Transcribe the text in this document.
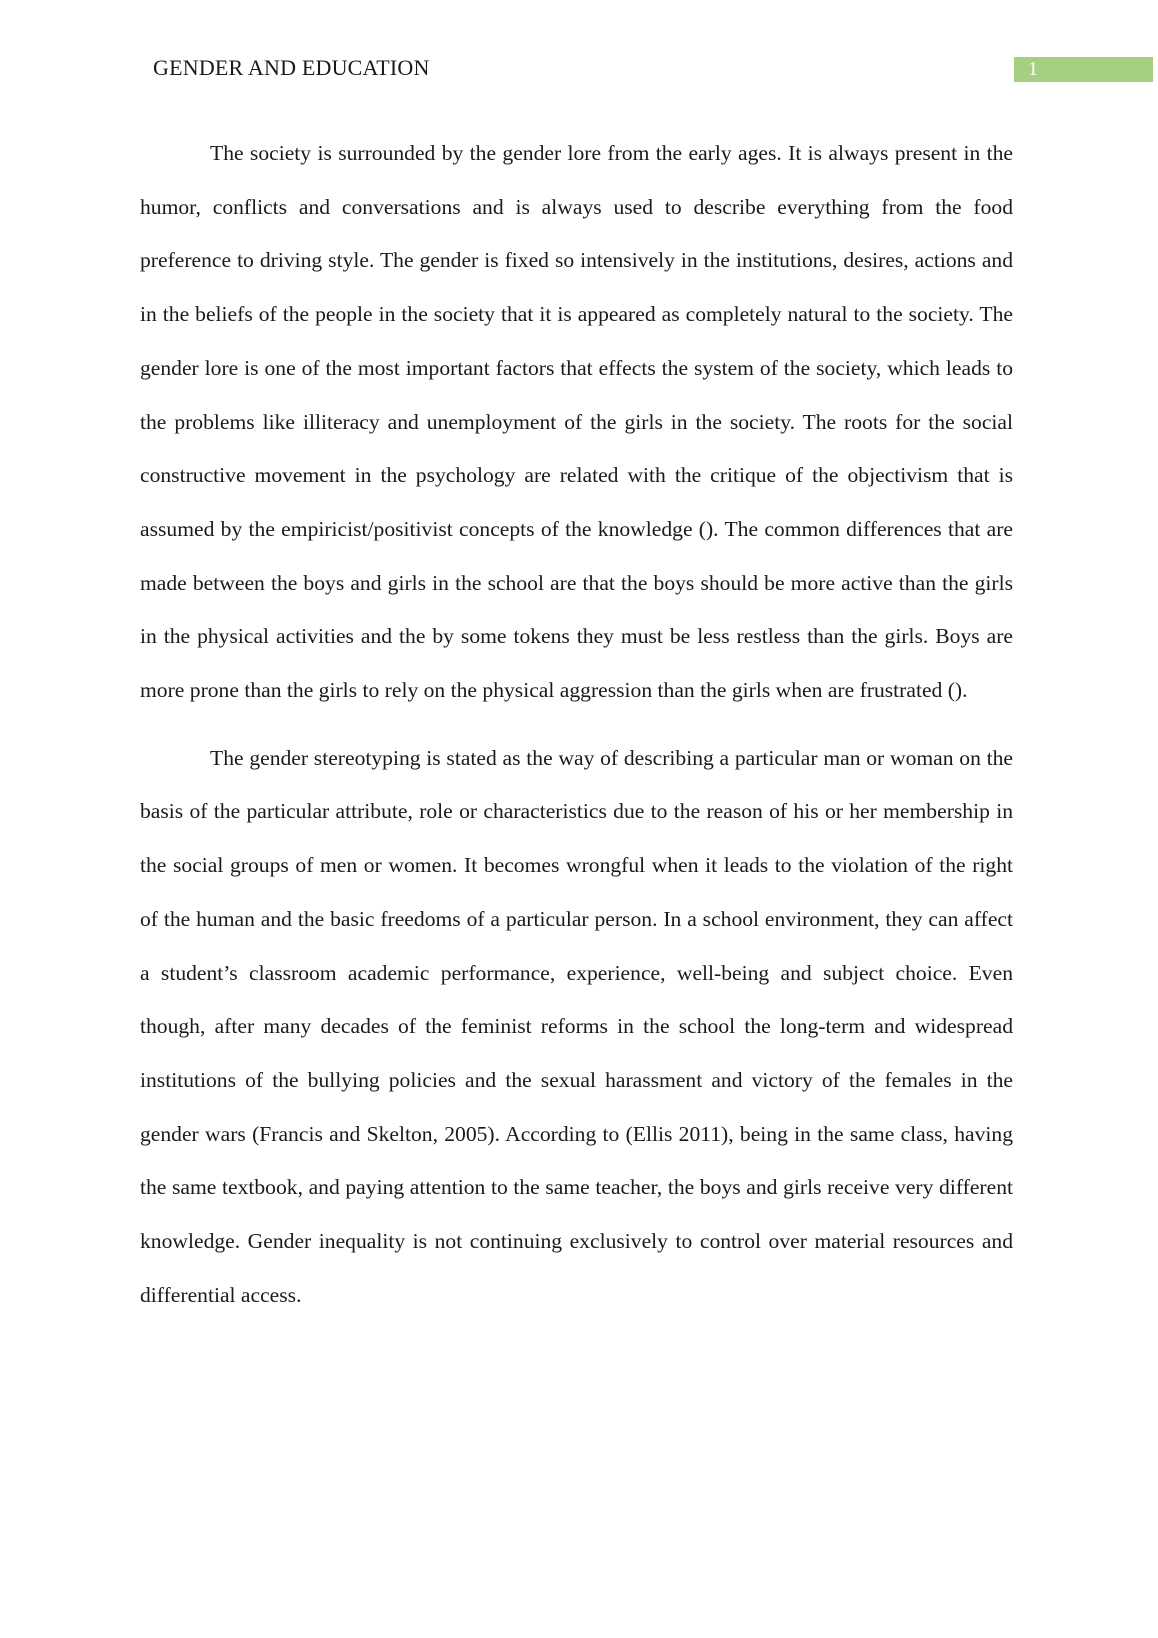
GENDER AND EDUCATION	1

The society is surrounded by the gender lore from the early ages. It is always present in the humor, conflicts and conversations and is always used to describe everything from the food preference to driving style. The gender is fixed so intensively in the institutions, desires, actions and in the beliefs of the people in the society that it is appeared as completely natural to the society. The gender lore is one of the most important factors that effects the system of the society, which leads to the problems like illiteracy and unemployment of the girls in the society. The roots for the social constructive movement in the psychology are related with the critique of the objectivism that is assumed by the empiricist/positivist concepts of the knowledge (). The common differences that are made between the boys and girls in the school are that the boys should be more active than the girls in the physical activities and the by some tokens they must be less restless than the girls. Boys are more prone than the girls to rely on the physical aggression than the girls when are frustrated ().

The gender stereotyping is stated as the way of describing a particular man or woman on the basis of the particular attribute, role or characteristics due to the reason of his or her membership in the social groups of men or women. It becomes wrongful when it leads to the violation of the right of the human and the basic freedoms of a particular person. In a school environment, they can affect a student’s classroom academic performance, experience, well-being and subject choice. Even though, after many decades of the feminist reforms in the school the long-term and widespread institutions of the bullying policies and the sexual harassment and victory of the females in the gender wars (Francis and Skelton, 2005). According to (Ellis 2011), being in the same class, having the same textbook, and paying attention to the same teacher, the boys and girls receive very different knowledge. Gender inequality is not continuing exclusively to control over material resources and differential access.
